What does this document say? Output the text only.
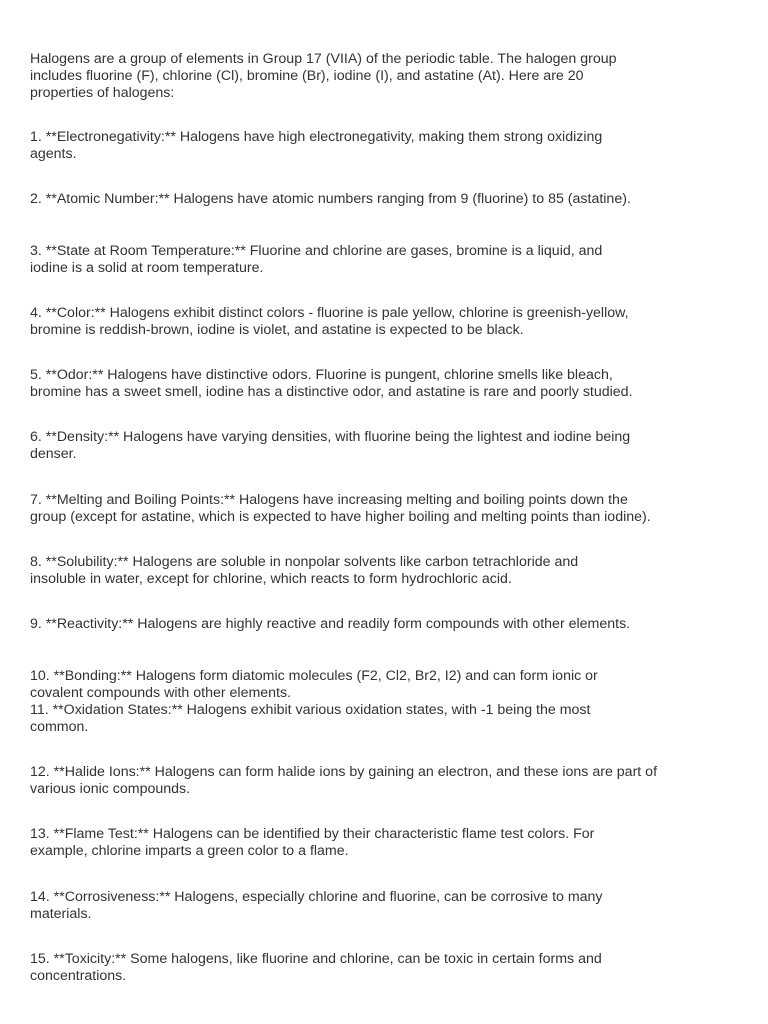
Halogens are a group of elements in Group 17 (VIIA) of the periodic table. The halogen group
includes fluorine (F), chlorine (Cl), bromine (Br), iodine (I), and astatine (At). Here are 20
properties of halogens:

1. **Electronegativity:** Halogens have high electronegativity, making them strong oxidizing
agents.

2. **Atomic Number:** Halogens have atomic numbers ranging from 9 (fluorine) to 85 (astatine).

3. **State at Room Temperature:** Fluorine and chlorine are gases, bromine is a liquid, and
iodine is a solid at room temperature.

4. **Color:** Halogens exhibit distinct colors - fluorine is pale yellow, chlorine is greenish-yellow,
bromine is reddish-brown, iodine is violet, and astatine is expected to be black.

5. **Odor:** Halogens have distinctive odors. Fluorine is pungent, chlorine smells like bleach,
bromine has a sweet smell, iodine has a distinctive odor, and astatine is rare and poorly studied.

6. **Density:** Halogens have varying densities, with fluorine being the lightest and iodine being
denser.

7. **Melting and Boiling Points:** Halogens have increasing melting and boiling points down the
group (except for astatine, which is expected to have higher boiling and melting points than iodine).

8. **Solubility:** Halogens are soluble in nonpolar solvents like carbon tetrachloride and
insoluble in water, except for chlorine, which reacts to form hydrochloric acid.

9. **Reactivity:** Halogens are highly reactive and readily form compounds with other elements.

10. **Bonding:** Halogens form diatomic molecules (F2, Cl2, Br2, I2) and can form ionic or
covalent compounds with other elements.
11. **Oxidation States:** Halogens exhibit various oxidation states, with -1 being the most
common.

12. **Halide Ions:** Halogens can form halide ions by gaining an electron, and these ions are part of
various ionic compounds.

13. **Flame Test:** Halogens can be identified by their characteristic flame test colors. For
example, chlorine imparts a green color to a flame.

14. **Corrosiveness:** Halogens, especially chlorine and fluorine, can be corrosive to many
materials.

15. **Toxicity:** Some halogens, like fluorine and chlorine, can be toxic in certain forms and
concentrations.
